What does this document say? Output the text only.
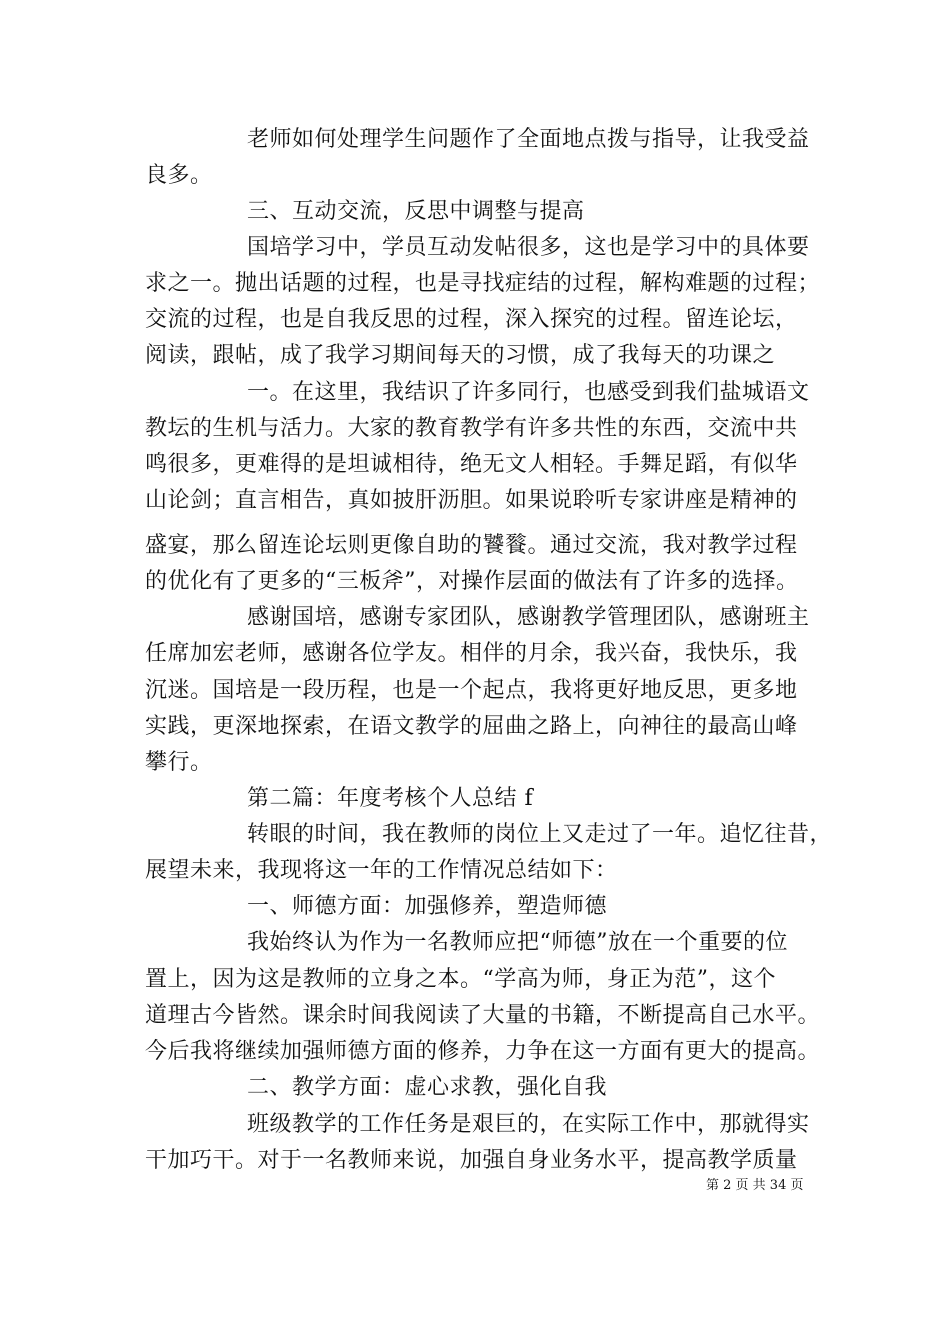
老师如何处理学生问题作了全面地点拨与指导，让我受益
良多。
三、互动交流，反思中调整与提高
国培学习中，学员互动发帖很多，这也是学习中的具体要
求之一。抛出话题的过程，也是寻找症结的过程，解构难题的过程；
交流的过程，也是自我反思的过程，深入探究的过程。留连论坛，
阅读，跟帖，成了我学习期间每天的习惯，成了我每天的功课之
一。在这里，我结识了许多同行，也感受到我们盐城语文
教坛的生机与活力。大家的教育教学有许多共性的东西，交流中共
鸣很多，更难得的是坦诚相待，绝无文人相轻。手舞足蹈，有似华
山论剑；直言相告，真如披肝沥胆。如果说聆听专家讲座是精神的
盛宴，那么留连论坛则更像自助的饕餮。通过交流，我对教学过程
的优化有了更多的“三板斧”，对操作层面的做法有了许多的选择。
感谢国培，感谢专家团队，感谢教学管理团队，感谢班主
任席加宏老师，感谢各位学友。相伴的月余，我兴奋，我快乐，我
沉迷。国培是一段历程，也是一个起点，我将更好地反思，更多地
实践，更深地探索，在语文教学的屈曲之路上，向神往的最高山峰
攀行。
第二篇：年度考核个人总结 f
转眼的时间，我在教师的岗位上又走过了一年。追忆往昔，
展望未来，我现将这一年的工作情况总结如下：
一、师德方面：加强修养，塑造师德
我始终认为作为一名教师应把“师德”放在一个重要的位
置上，因为这是教师的立身之本。“学高为师，身正为范”，这个
道理古今皆然。课余时间我阅读了大量的书籍，不断提高自己水平。
今后我将继续加强师德方面的修养，力争在这一方面有更大的提高。
二、教学方面：虚心求教，强化自我
班级教学的工作任务是艰巨的，在实际工作中，那就得实
干加巧干。对于一名教师来说，加强自身业务水平，提高教学质量
第 2 页 共 34 页
